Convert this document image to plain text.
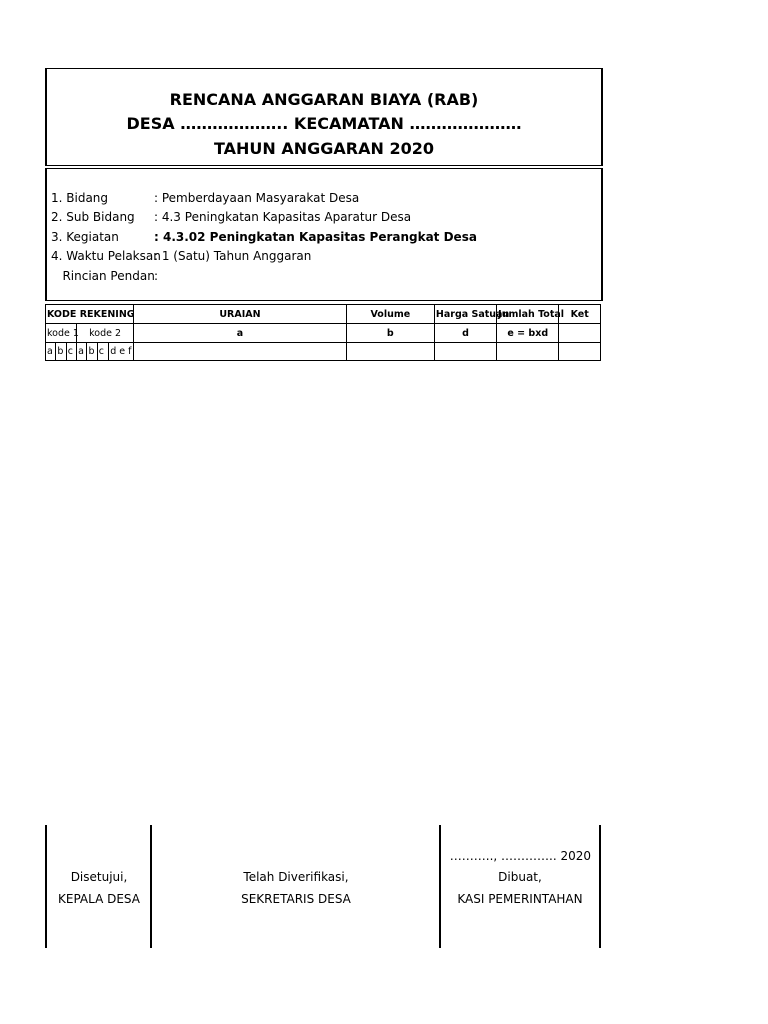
RENCANA ANGGARAN BIAYA (RAB)
DESA ……………….. KECAMATAN …………………
TAHUN ANGGARAN 2020
1. Bidang	: Pemberdayaan Masyarakat Desa
2. Sub Bidang : 4.3 Peningkatan Kapasitas Aparatur Desa
3. Kegiatan	: 4.3.02 Peningkatan Kapasitas Perangkat Desa
4. Waktu Pelaksan: 1 (Satu) Tahun Anggaran
Rincian Pendan:
KODE REKENING							URAIAN	Volume	Harga Satuan	Jumlah Total	Ket
kode 1			kode 2				a	b	d	e = bxd	
a	b	c	a	b	c	d e f					
Disetujui,
KEPALA DESA
Telah Diverifikasi,
SEKRETARIS DESA
……….., ………….. 2020
Dibuat,
KASI PEMERINTAHAN
